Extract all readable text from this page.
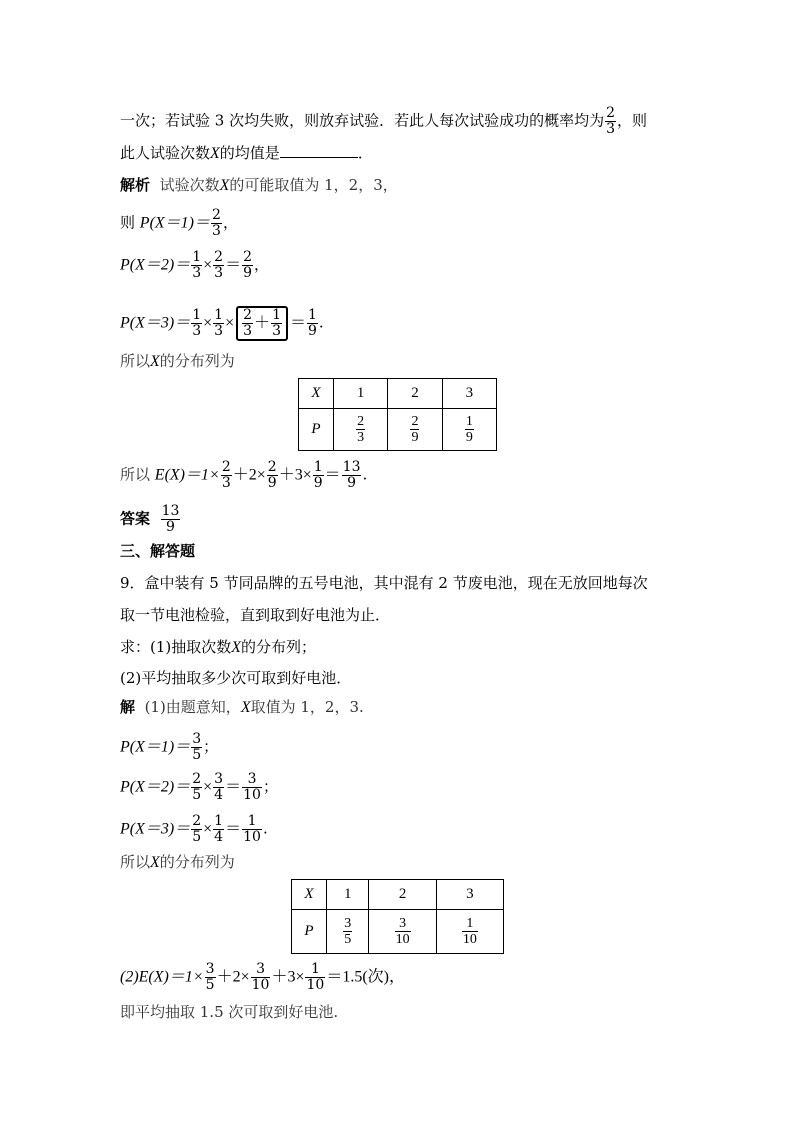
一次；若试验 3 次均失败，则放弃试验．若此人每次试验成功的概率均为 $\frac{2}{3}$ ，则
此人试验次数X的均值是	．
解析 试验次数X的可能取值为 1，2，3，
则 $P(X=1)= \frac{2}{3}$ ，
$P(X=2)= \frac{1}{3} \times \frac{2}{3} = \frac{2}{9}$ ，
$P(X=3)= \frac{1}{3} \times \frac{1}{3} \times \frac{2}{3} + \frac{1}{3} = \frac{1}{9}$ .
所以X的分布列为
X	1	2	3
P	$\frac{2}{3}$	$\frac{2}{9}$	$\frac{1}{9}$
所以 $E(X)=1\times \frac{2}{3} +2\times \frac{2}{9} +3\times \frac{1}{9} = \frac{13}{9}$ .
答案 $\frac{13}{9}$
三、解答题
9．盒中装有 5 节同品牌的五号电池，其中混有 2 节废电池，现在无放回地每次
取一节电池检验，直到取到好电池为止．
求：(1)抽取次数X的分布列；
(2)平均抽取多少次可取到好电池．
解 (1)由题意知，X取值为 1，2，3.
$P(X=1)= \frac{3}{5}$ ；
$P(X=2)= \frac{2}{5} \times \frac{3}{4} = \frac{3}{10}$ ；
$P(X=3)= \frac{2}{5} \times \frac{1}{4} = \frac{1}{10}$ .
所以X的分布列为
X	1	2	3
P	$\frac{3}{5}$	$\frac{3}{10}$	$\frac{1}{10}$
$(2)E(X)=1\times \frac{3}{5} +2\times \frac{3}{10} +3\times \frac{1}{10} =1.5$(次)，
即平均抽取 1.5 次可取到好电池.
